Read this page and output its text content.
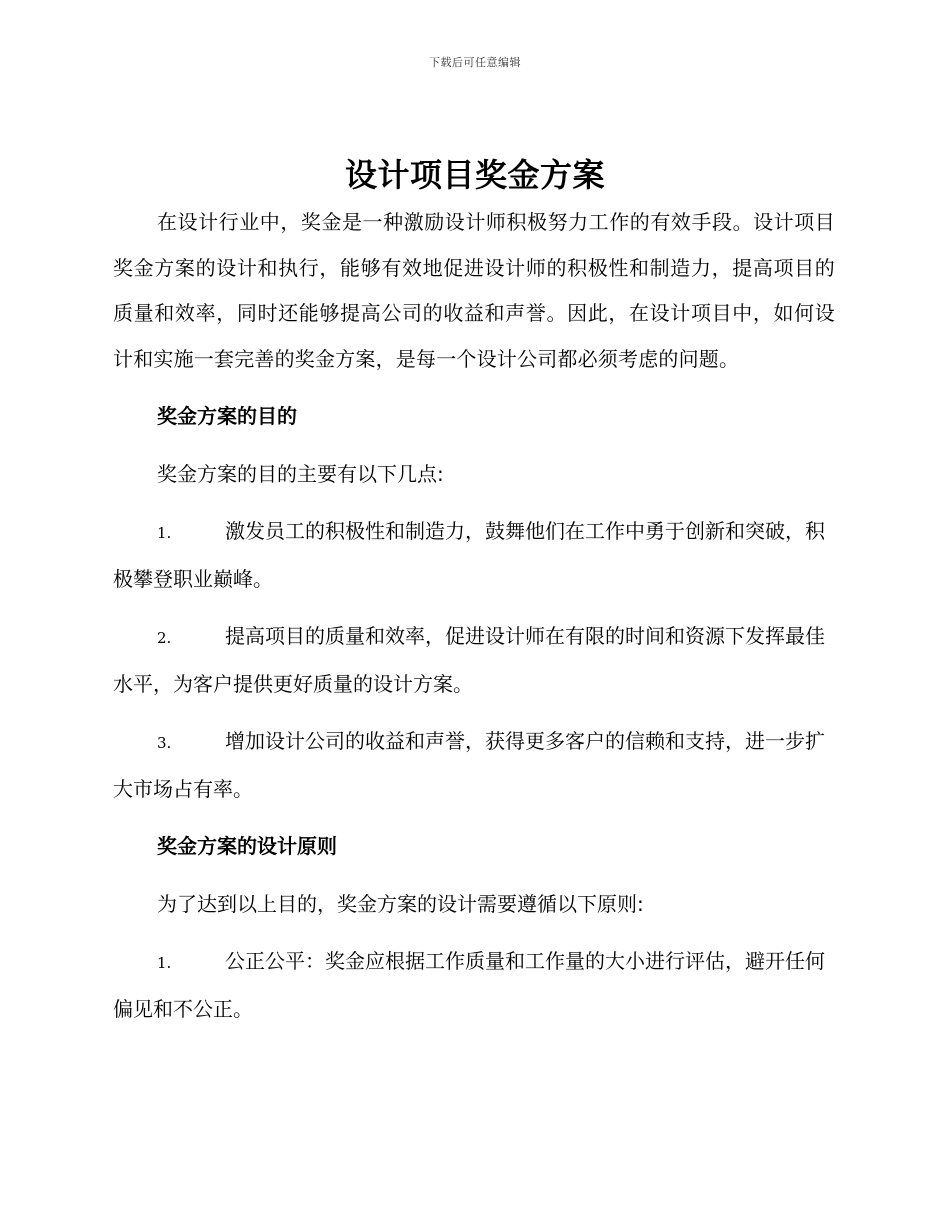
下载后可任意编辑
设计项目奖金方案

在设计行业中，奖金是一种激励设计师积极努力工作的有效手段。设计项目奖金方案的设计和执行，能够有效地促进设计师的积极性和制造力，提高项目的质量和效率，同时还能够提高公司的收益和声誉。因此，在设计项目中，如何设计和实施一套完善的奖金方案，是每一个设计公司都必须考虑的问题。

奖金方案的目的

奖金方案的目的主要有以下几点:

1.	激发员工的积极性和制造力，鼓舞他们在工作中勇于创新和突破，积极攀登职业巅峰。

2.	提高项目的质量和效率，促进设计师在有限的时间和资源下发挥最佳水平，为客户提供更好质量的设计方案。

3.	增加设计公司的收益和声誉，获得更多客户的信赖和支持，进一步扩大市场占有率。

奖金方案的设计原则

为了达到以上目的，奖金方案的设计需要遵循以下原则:

1.	公正公平：奖金应根据工作质量和工作量的大小进行评估，避开任何偏见和不公正。
